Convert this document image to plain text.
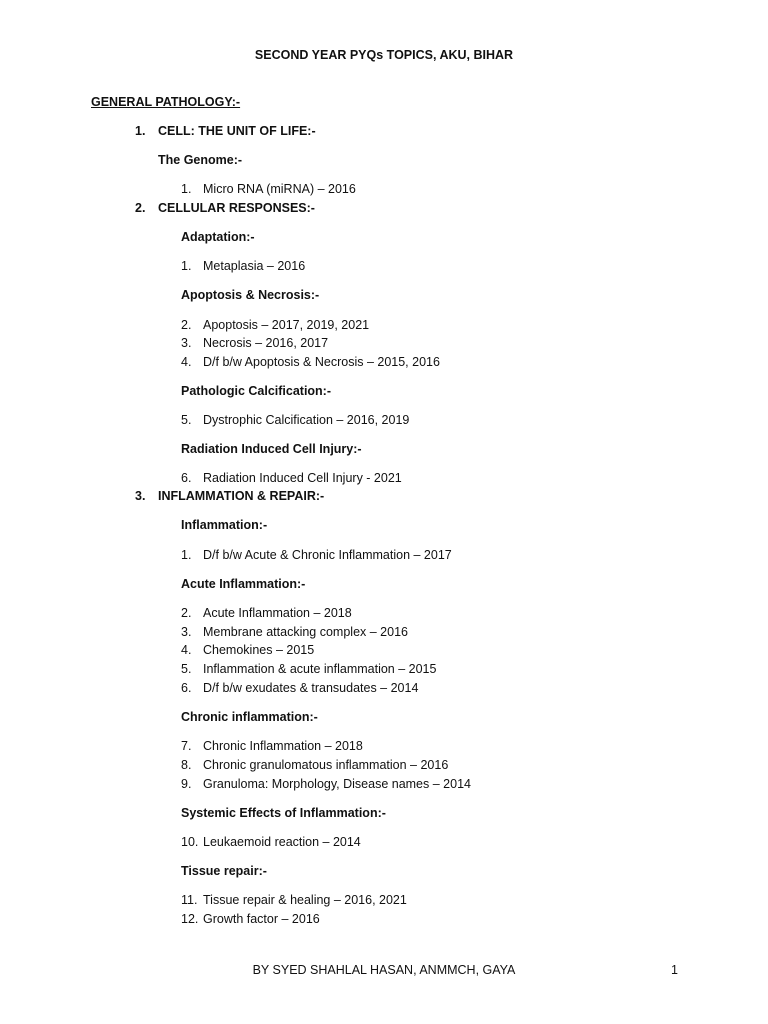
SECOND YEAR PYQs TOPICS, AKU, BIHAR
GENERAL PATHOLOGY:-
1.	CELL: THE UNIT OF LIFE:-
The Genome:-
1. Micro RNA (miRNA) – 2016
2.	CELLULAR RESPONSES:-
Adaptation:-
1. Metaplasia – 2016
Apoptosis & Necrosis:-
2. Apoptosis – 2017, 2019, 2021
3. Necrosis – 2016, 2017
4. D/f b/w Apoptosis & Necrosis – 2015, 2016
Pathologic Calcification:-
5. Dystrophic Calcification – 2016, 2019
Radiation Induced Cell Injury:-
6. Radiation Induced Cell Injury - 2021
3.	INFLAMMATION & REPAIR:-
Inflammation:-
1. D/f b/w Acute & Chronic Inflammation – 2017
Acute Inflammation:-
2. Acute Inflammation – 2018
3. Membrane attacking complex – 2016
4. Chemokines – 2015
5. Inflammation & acute inflammation – 2015
6. D/f b/w exudates & transudates – 2014
Chronic inflammation:-
7. Chronic Inflammation – 2018
8. Chronic granulomatous inflammation – 2016
9. Granuloma: Morphology, Disease names – 2014
Systemic Effects of Inflammation:-
10. Leukaemoid reaction – 2014
Tissue repair:-
11. Tissue repair & healing – 2016, 2021
12. Growth factor – 2016
BY SYED SHAHLAL HASAN, ANMMCH, GAYA	1
